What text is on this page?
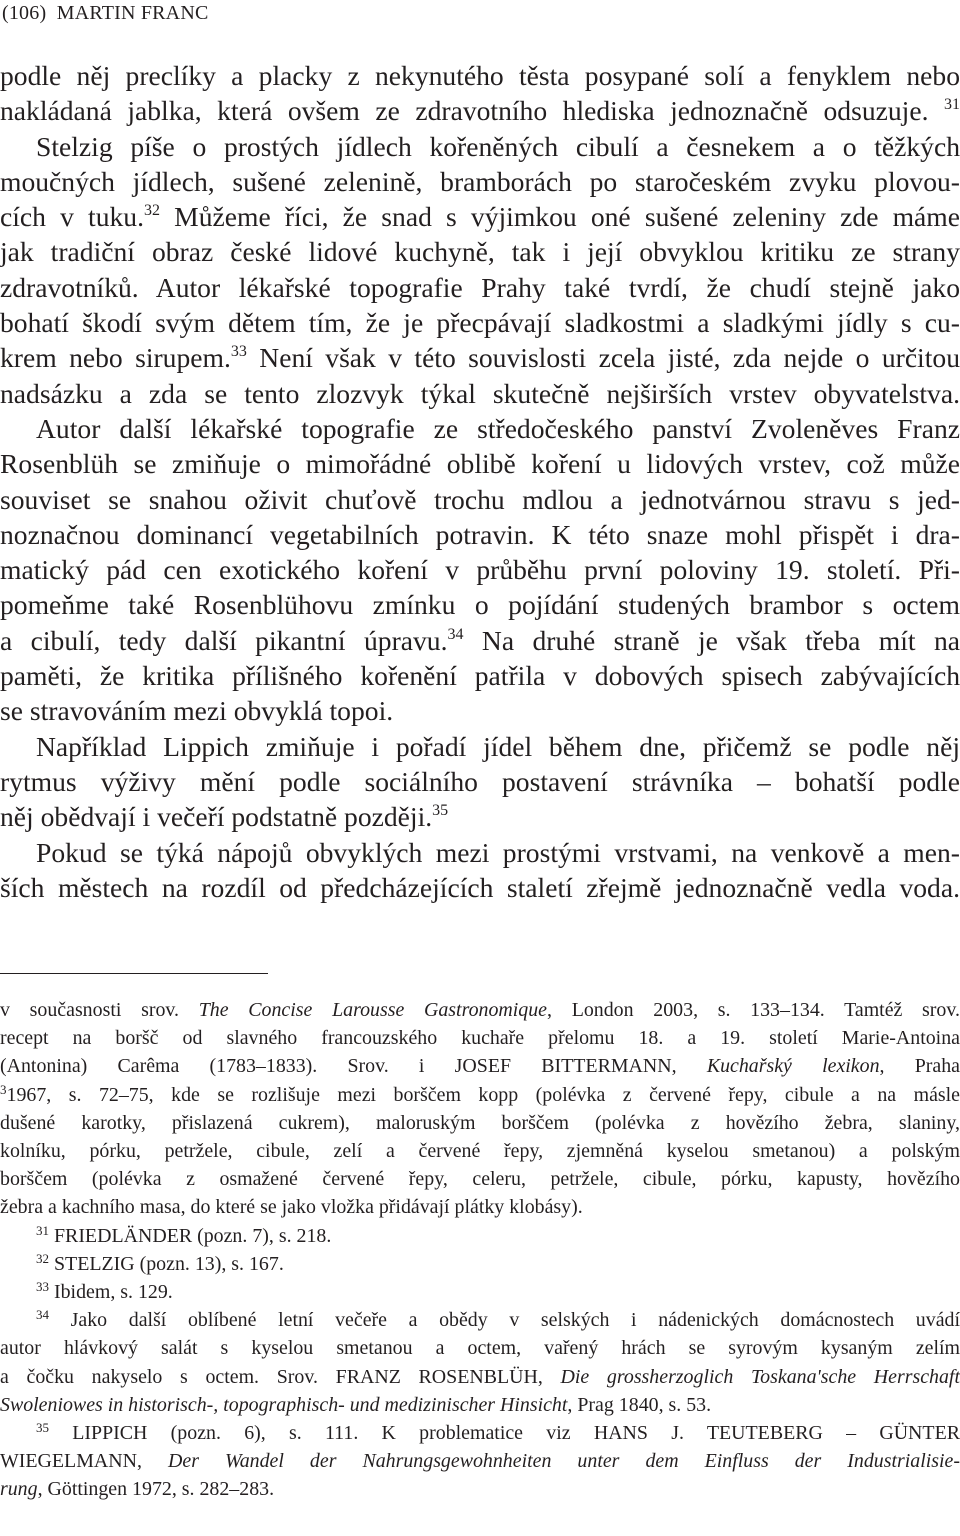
(106) MARTIN FRANC
podle něj preclíky a placky z nekynutého těsta posypané solí a fenyklem nebo
nakládaná jablka, která ovšem ze zdravotního hlediska jednoznačně odsuzuje. $^{31}$
Stelzig píše o prostých jídlech kořeněných cibulí a česnekem a o těžkých
moučných jídlech, sušené zelenině, bramborách po staročeském zvyku plovou-
cích v tuku.$^{32}$ Můžeme říci, že snad s výjimkou oné sušené zeleniny zde máme
jak tradiční obraz české lidové kuchyně, tak i její obvyklou kritiku ze strany
zdravotníků. Autor lékařské topografie Prahy také tvrdí, že chudí stejně jako
bohatí škodí svým dětem tím, že je přecpávají sladkostmi a sladkými jídly s cu-
krem nebo sirupem.$^{33}$ Není však v této souvislosti zcela jisté, zda nejde o určitou
nadsázku a zda se tento zlozvyk týkal skutečně nejširších vrstev obyvatelstva.
Autor další lékařské topografie ze středočeského panství Zvoleněves Franz
Rosenblüh se zmiňuje o mimořádné oblibě koření u lidových vrstev, což může
souviset se snahou oživit chuťově trochu mdlou a jednotvárnou stravu s jed-
noznačnou dominancí vegetabilních potravin. K této snaze mohl přispět i dra-
matický pád cen exotického koření v průběhu první poloviny 19. století. Při-
pomeňme také Rosenblühovu zmínku o pojídání studených brambor s octem
a cibulí, tedy další pikantní úpravu.$^{34}$ Na druhé straně je však třeba mít na
paměti, že kritika přílišného kořenění patřila v dobových spisech zabývajících
se stravováním mezi obvyklá topoi.
Například Lippich zmiňuje i pořadí jídel během dne, přičemž se podle něj
rytmus výživy mění podle sociálního postavení strávníka – bohatší podle
něj obědvají i večeří podstatně později.$^{35}$
Pokud se týká nápojů obvyklých mezi prostými vrstvami, na venkově a men-
ších městech na rozdíl od předcházejících staletí zřejmě jednoznačně vedla voda.
v současnosti srov. The Concise Larousse Gastronomique, London 2003, s. 133–134. Tamtéž srov.
recept na boršč od slavného francouzského kuchaře přelomu 18. a 19. století Marie-Antoina
(Antonina) Carêma (1783–1833). Srov. i JOSEF BITTERMANN, Kuchařský lexikon, Praha
$^3$1967, s. 72–75, kde se rozlišuje mezi borščem kopp (polévka z červené řepy, cibule a na másle
dušené karotky, přislazená cukrem), maloruským borščem (polévka z hovězího žebra, slaniny,
kolníku, pórku, petržele, cibule, zelí a červené řepy, zjemněná kyselou smetanou) a polským
borščem (polévka z osmažené červené řepy, celeru, petržele, cibule, pórku, kapusty, hovězího
žebra a kachního masa, do které se jako vložka přidávají plátky klobásy).
$^{31}$ FRIEDLÄNDER (pozn. 7), s. 218.
$^{32}$ STELZIG (pozn. 13), s. 167.
$^{33}$ Ibidem, s. 129.
$^{34}$ Jako další oblíbené letní večeře a obědy v selských i nádenických domácnostech uvádí
autor hlávkový salát s kyselou smetanou a octem, vařený hrách se syrovým kysaným zelím
a čočku nakyselo s octem. Srov. FRANZ ROSENBLÜH, Die grossherzoglich Toskana'sche Herrschaft
Swoleniowes in historisch-, topographisch- und medizinischer Hinsicht, Prag 1840, s. 53.
$^{35}$ LIPPICH (pozn. 6), s. 111. K problematice viz HANS J. TEUTEBERG – GÜNTER
WIEGELMANN, Der Wandel der Nahrungsgewohnheiten unter dem Einfluss der Industrialisie-
rung, Göttingen 1972, s. 282–283.
